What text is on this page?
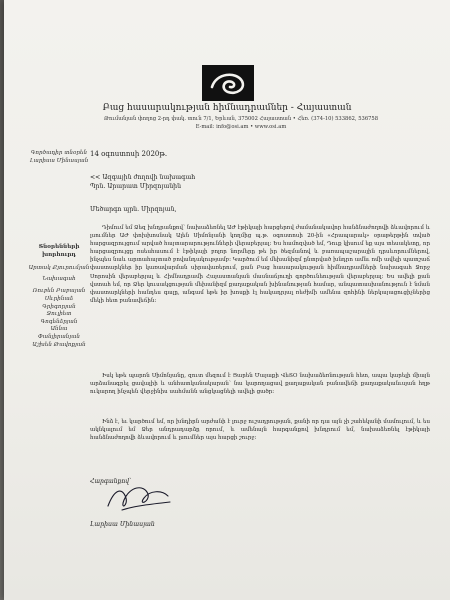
Բաց հասարակության հիմնադրամներ - Հայաստան
Թումանյան փողոց 2-րդ փակ. տուն 7/1, Երևան, 375002 Հայաստան • Հեռ. (374-10) 533862, 536758
E-mail: info@osi.am • www.osi.am
Գործադիր տնօրեն
Լարիսա Մինասյան
Տնօրենների խորհուրդ
Արտակ Քյուրումյան
Նախագահ
Ռուբեն Բաբայան
Սևրինաձ
Գրիգորյան
Ջուլիետ
Գոգենձրյան
Աննա
Փանյիրանյան
Աշխեն Թավոքյան
14 օգոստոսի 2020թ.
<< Ազգային ժողովի նախագահ
Պրն. Արարատ Միրզոյանին
Մեծարգո պրն. Միրզոյան,
Դիմում եմ Ձեզ խնդրանքով՝ նախաձեռնել ԱԺ էթիկայի հարցերով ժամանակավոր հանձնաժողովի ձևավորում և լսումներ ԱԺ փոխխոսնակ Ալեն Սիմոնյանի կողմից պ.թ. օգոստոսի 20-ին «Հրապարակ» օրաթերթին տված հարցազրույցում արված հայտարարությունների վերաբերյալ: Ես համոզված եմ, Դուք կիսում եք այս տեսակետը, որ հարցազրույցը ռսեսհասում է էթիկայի բոլոր նորմերը թե իր ծեզմանով և բառապաշարային դրսևորումներով, ինչպես նաև արտահայտած բովանդակությամբ: Կարծում եմ մեխանիզմ ընտրված խնդրո ամնւ ոմի ավելի պատշաճ փաստարկներ իր կառավարման սիրավառերում, քան Բաց հասարակության հիմնադրամների նախագահ Ջորջ Սորոսին վերաբերյալ և Հիմնադրամի Հայաստանյան մասնաճյուղի գործունեության վերաբերյալ: Ես ավելի քան վստահ եմ, որ Ձեր կուսակցության մեխանիզմ քաղաքական խինանության համար, անպատասխանություն է նման փաստարկների հանդես գալը, անգամ եթե իր խոսքի էլ հակադրյալ ռեժիմի ամենա զոհինի ներկայացուցիչներից մեկի հետ բանավեճին:
Իսկ եթե պարոն Սիմոնյանը, զուտ մեզում է Ցարեն Մայաքի ՎեՏՕ նախաձեռնության հետ, ապա կարելի միայն արձանագրել ցավալիի և անհատկանակարան՝ նա կարողացավ քաղաքական բանավեճի քաղաքականւսյան հղթ ուկարող ինչպեն վերջինիս սահմանն անցկացնելի ավելի ցածր:
Ինձ է, եւ կարծում եմ, որ խնդիրն արժանի է լուրջ ուշադրության, քանի որ դա այն չի շահեկանի մամուլում, և ես ակնկալում եմ Ձեր անդրադարձը որում, և ամենայն հարգանքով խնդրում եմ, նախաձեռնել էթիկայի հանձնաժողովի ձևավորում և լսումներ այս հարցի շուրջ:
Հարգանքով՝
Լարիսա Մինասյան
